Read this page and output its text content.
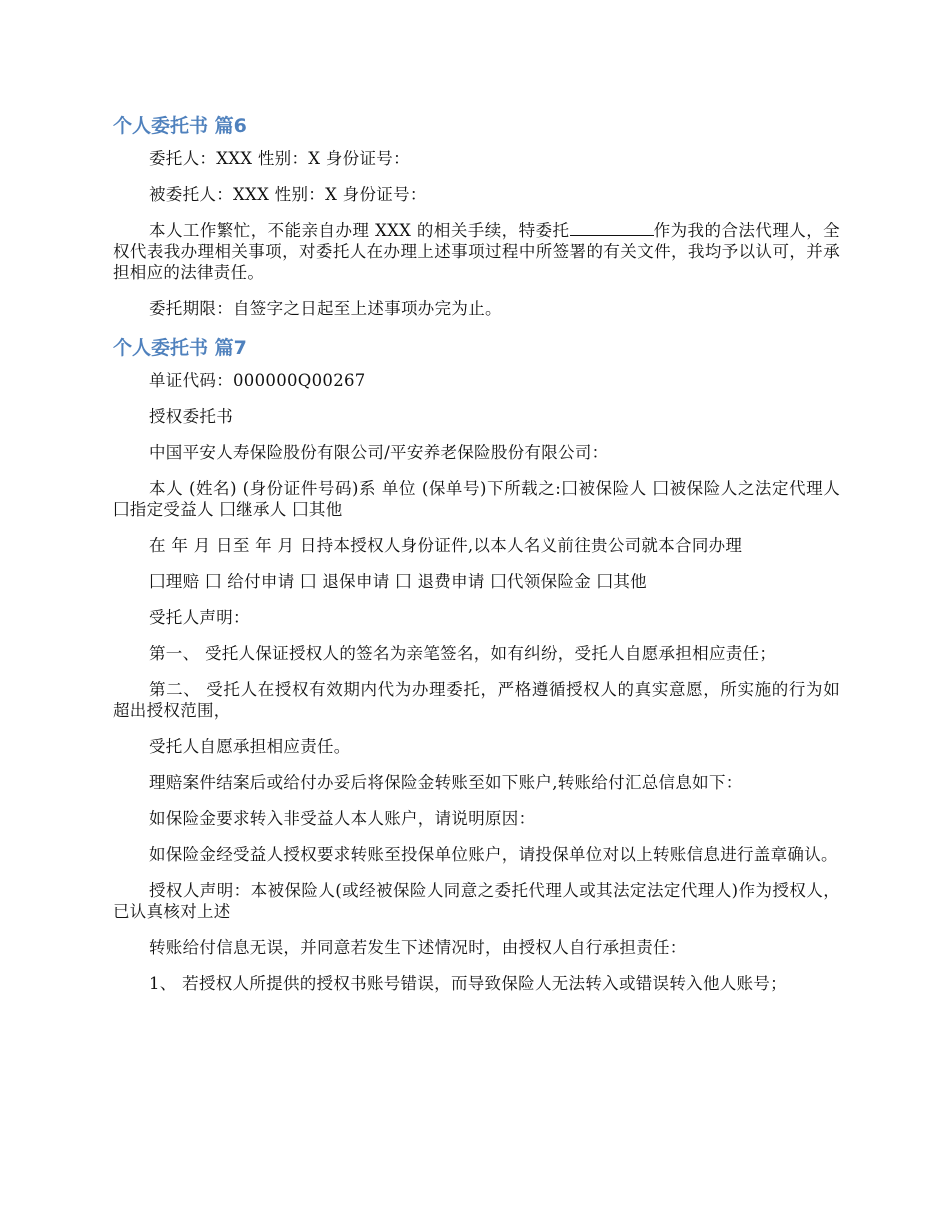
个人委托书 篇6

委托人：XXX 性别：X 身份证号：

被委托人：XXX 性别：X 身份证号：

本人工作繁忙，不能亲自办理 XXX 的相关手续，特委托	作为我的合法代理人，全权代表我办理相关事项，对委托人在办理上述事项过程中所签署的有关文件，我均予以认可，并承担相应的法律责任。

委托期限：自签字之日起至上述事项办完为止。

个人委托书 篇7

单证代码：000000Q00267

授权委托书

中国平安人寿保险股份有限公司/平安养老保险股份有限公司：

本人 (姓名) (身份证件号码)系 单位 (保单号)下所载之:囗被保险人 囗被保险人之法定代理人 囗指定受益人 囗继承人 囗其他

在 年 月 日至 年 月 日持本授权人身份证件,以本人名义前往贵公司就本合同办理

囗理赔 囗 给付申请 囗 退保申请 囗 退费申请 囗代领保险金 囗其他

受托人声明：

第一、 受托人保证授权人的签名为亲笔签名，如有纠纷，受托人自愿承担相应责任；

第二、 受托人在授权有效期内代为办理委托，严格遵循授权人的真实意愿，所实施的行为如超出授权范围，

受托人自愿承担相应责任。

理赔案件结案后或给付办妥后将保险金转账至如下账户,转账给付汇总信息如下：

如保险金要求转入非受益人本人账户，请说明原因：

如保险金经受益人授权要求转账至投保单位账户，请投保单位对以上转账信息进行盖章确认。

授权人声明：本被保险人(或经被保险人同意之委托代理人或其法定法定代理人)作为授权人，已认真核对上述

转账给付信息无误，并同意若发生下述情况时，由授权人自行承担责任：

1、 若授权人所提供的授权书账号错误，而导致保险人无法转入或错误转入他人账号；
